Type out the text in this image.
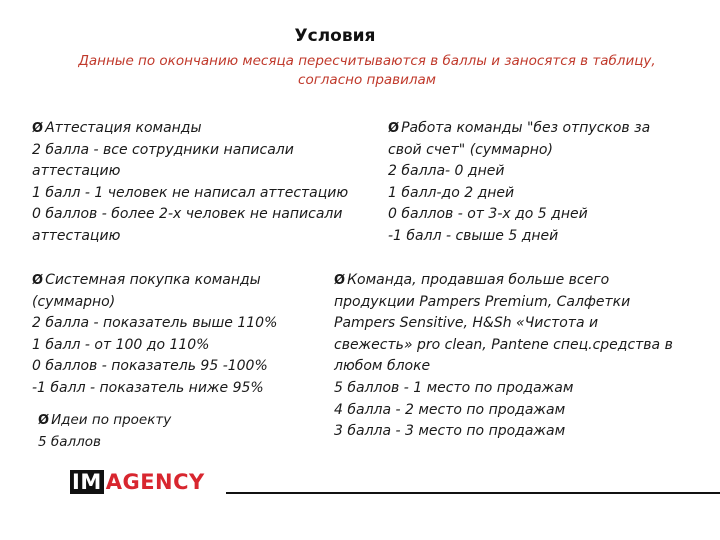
Условия
Данные по окончанию месяца пересчитываются в баллы и заносятся в таблицу,
согласно правилам
Ø Аттестация команды
2 балла - все сотрудники написали
аттестацию
1 балл - 1 человек не написал аттестацию
0 баллов - более 2-х человек не написали
аттестацию
Ø Работа команды "без отпусков за
свой счет" (суммарно)
2 балла- 0 дней
1 балл-до 2 дней
0 баллов - от 3-х до 5 дней
-1 балл - свыше 5 дней
Ø Системная покупка команды
(суммарно)
2 балла - показатель выше 110%
1 балл - от 100 до 110%
0 баллов - показатель 95 -100%
-1 балл - показатель ниже 95%
Ø Команда, продавшая больше всего
продукции Pampers Premium, Салфетки
Pampers Sensitive, H&Sh «Чистота и
свежесть» pro clean, Pantene спец.средства в
любом блоке
5 баллов - 1 место по продажам
4 балла - 2 место по продажам
3 балла - 3 место по продажам
Ø Идеи по проекту
5 баллов
IM AGENCY
